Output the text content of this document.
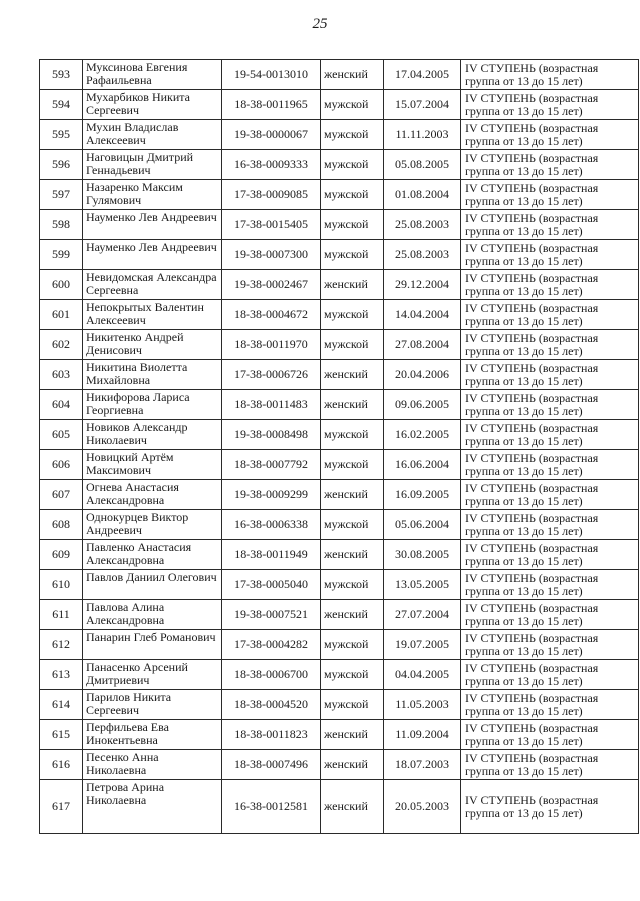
25
593	Муксинова Евгения Рафаильевна	19-54-0013010	женский	17.04.2005	IV СТУПЕНЬ (возрастная группа от 13 до 15 лет)
594	Мухарбиков Никита Сергеевич	18-38-0011965	мужской	15.07.2004	IV СТУПЕНЬ (возрастная группа от 13 до 15 лет)
595	Мухин Владислав Алексеевич	19-38-0000067	мужской	11.11.2003	IV СТУПЕНЬ (возрастная группа от 13 до 15 лет)
596	Наговицын Дмитрий Геннадьевич	16-38-0009333	мужской	05.08.2005	IV СТУПЕНЬ (возрастная группа от 13 до 15 лет)
597	Назаренко Максим Гулямович	17-38-0009085	мужской	01.08.2004	IV СТУПЕНЬ (возрастная группа от 13 до 15 лет)
598	Науменко Лев Андреевич	17-38-0015405	мужской	25.08.2003	IV СТУПЕНЬ (возрастная группа от 13 до 15 лет)
599	Науменко Лев Андреевич	19-38-0007300	мужской	25.08.2003	IV СТУПЕНЬ (возрастная группа от 13 до 15 лет)
600	Невидомская Александра Сергеевна	19-38-0002467	женский	29.12.2004	IV СТУПЕНЬ (возрастная группа от 13 до 15 лет)
601	Непокрытых Валентин Алексеевич	18-38-0004672	мужской	14.04.2004	IV СТУПЕНЬ (возрастная группа от 13 до 15 лет)
602	Никитенко Андрей Денисович	18-38-0011970	мужской	27.08.2004	IV СТУПЕНЬ (возрастная группа от 13 до 15 лет)
603	Никитина Виолетта Михайловна	17-38-0006726	женский	20.04.2006	IV СТУПЕНЬ (возрастная группа от 13 до 15 лет)
604	Никифорова Лариса Георгиевна	18-38-0011483	женский	09.06.2005	IV СТУПЕНЬ (возрастная группа от 13 до 15 лет)
605	Новиков Александр Николаевич	19-38-0008498	мужской	16.02.2005	IV СТУПЕНЬ (возрастная группа от 13 до 15 лет)
606	Новицкий Артём Максимович	18-38-0007792	мужской	16.06.2004	IV СТУПЕНЬ (возрастная группа от 13 до 15 лет)
607	Огнева Анастасия Александровна	19-38-0009299	женский	16.09.2005	IV СТУПЕНЬ (возрастная группа от 13 до 15 лет)
608	Однокурцев Виктор Андреевич	16-38-0006338	мужской	05.06.2004	IV СТУПЕНЬ (возрастная группа от 13 до 15 лет)
609	Павленко Анастасия Александровна	18-38-0011949	женский	30.08.2005	IV СТУПЕНЬ (возрастная группа от 13 до 15 лет)
610	Павлов Даниил Олегович	17-38-0005040	мужской	13.05.2005	IV СТУПЕНЬ (возрастная группа от 13 до 15 лет)
611	Павлова Алина Александровна	19-38-0007521	женский	27.07.2004	IV СТУПЕНЬ (возрастная группа от 13 до 15 лет)
612	Панарин Глеб Романович	17-38-0004282	мужской	19.07.2005	IV СТУПЕНЬ (возрастная группа от 13 до 15 лет)
613	Панасенко Арсений Дмитриевич	18-38-0006700	мужской	04.04.2005	IV СТУПЕНЬ (возрастная группа от 13 до 15 лет)
614	Парилов Никита Сергеевич	18-38-0004520	мужской	11.05.2003	IV СТУПЕНЬ (возрастная группа от 13 до 15 лет)
615	Перфильева Ева Инокентьевна	18-38-0011823	женский	11.09.2004	IV СТУПЕНЬ (возрастная группа от 13 до 15 лет)
616	Песенко Анна Николаевна	18-38-0007496	женский	18.07.2003	IV СТУПЕНЬ (возрастная группа от 13 до 15 лет)
617	Петрова Арина Николаевна	16-38-0012581	женский	20.05.2003	IV СТУПЕНЬ (возрастная группа от 13 до 15 лет)
